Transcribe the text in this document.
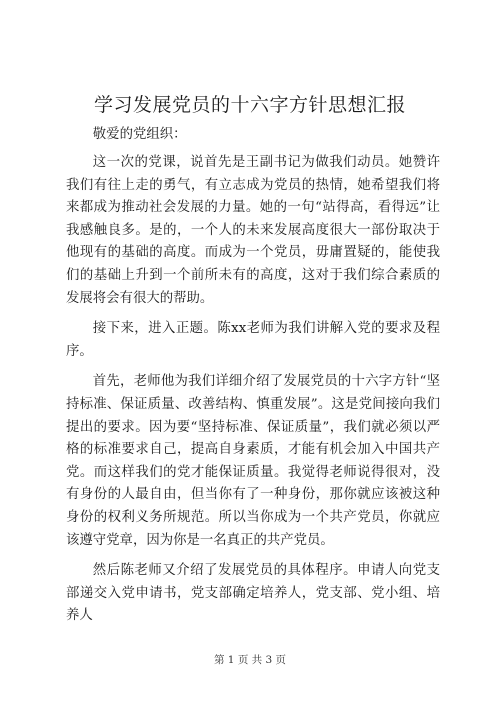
学习发展党员的十六字方针思想汇报

敬爱的党组织：

这一次的党课，说首先是王副书记为做我们动员。她赞许我们有往上走的勇气，有立志成为党员的热情，她希望我们将来都成为推动社会发展的力量。她的一句“站得高，看得远”让我感触良多。是的，一个人的未来发展高度很大一部份取决于他现有的基础的高度。而成为一个党员，毋庸置疑的，能使我们的基础上升到一个前所未有的高度，这对于我们综合素质的发展将会有很大的帮助。

接下来，进入正题。陈xx老师为我们讲解入党的要求及程序。

首先，老师他为我们详细介绍了发展党员的十六字方针“坚持标准、保证质量、改善结构、慎重发展”。这是党间接向我们提出的要求。因为要“坚持标准、保证质量”，我们就必须以严格的标准要求自己，提高自身素质，才能有机会加入中国共产党。而这样我们的党才能保证质量。我觉得老师说得很对，没有身份的人最自由，但当你有了一种身份，那你就应该被这种身份的权利义务所规范。所以当你成为一个共产党员，你就应该遵守党章，因为你是一名真正的共产党员。

然后陈老师又介绍了发展党员的具体程序。申请人向党支部递交入党申请书，党支部确定培养人，党支部、党小组、培养人

第 1 页 共 3 页
